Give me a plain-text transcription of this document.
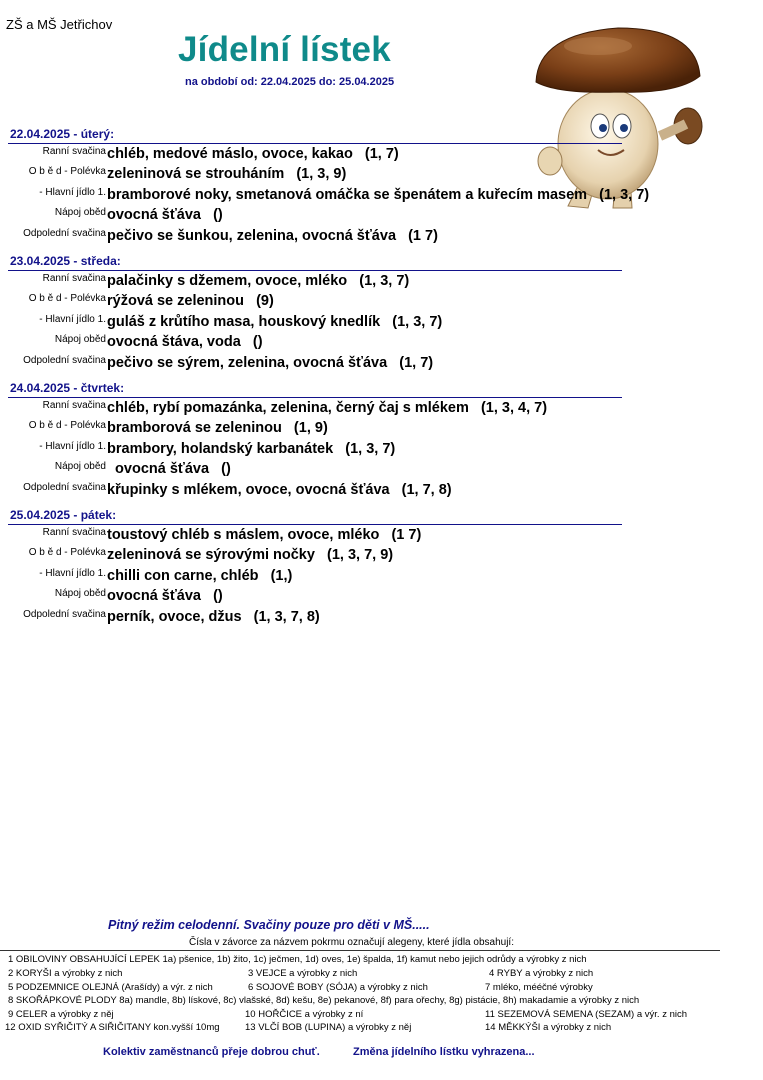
ZŠ a MŠ Jetřichov
Jídelní lístek
na období od: 22.04.2025 do: 25.04.2025
22.04.2025 - úterý:
Ranní svačina chléb, medové máslo, ovoce, kakao   (1, 7)
O b ě d - Polévka zeleninová se strouháním   (1, 3, 9)
- Hlavní jídlo 1. bramborové noky, smetanová omáčka se špenátem a kuřecím masem   (1, 3, 7)
Nápoj oběd ovocná šťáva   ()
Odpolední svačina pečivo se šunkou, zelenina, ovocná šťáva   (1 7)
23.04.2025 - středa:
Ranní svačina palačinky s džemem, ovoce, mléko   (1, 3, 7)
O b ě d - Polévka rýžová se zeleninou   (9)
- Hlavní jídlo 1. guláš z krůtího masa, houskový knedlík   (1, 3, 7)
Nápoj oběd ovocná štáva, voda   ()
Odpolední svačina pečivo se sýrem, zelenina, ovocná šťáva   (1, 7)
24.04.2025 - čtvrtek:
Ranní svačina chléb, rybí pomazánka, zelenina, černý čaj s mlékem   (1, 3, 4, 7)
O b ě d - Polévka bramborová se zeleninou   (1, 9)
- Hlavní jídlo 1. brambory, holandský karbanátek   (1, 3, 7)
Nápoj oběd ovocná šťáva   ()
Odpolední svačina křupinky s mlékem, ovoce, ovocná šťáva   (1, 7, 8)
25.04.2025 - pátek:
Ranní svačina toustový chléb s máslem, ovoce, mléko   (1 7)
O b ě d - Polévka zeleninová se sýrovými nočky   (1, 3, 7, 9)
- Hlavní jídlo 1. chilli con carne, chléb   (1,)
Nápoj oběd ovocná šťáva   ()
Odpolední svačina perník, ovoce, džus   (1, 3, 7, 8)
Pitný režim celodenní. Svačiny pouze pro děti v MŠ.....
Čísla v závorce za názvem pokrmu označují alegeny, které jídla obsahují:
1 OBILOVINY OBSAHUJÍCÍ LEPEK 1a) pšenice, 1b) žito, 1c) ječmen, 1d) oves, 1e) špalda, 1f) kamut nebo jejich odrůdy a výrobky z nich
2 KORYŠI a výrobky z nich	3 VEJCE a výrobky z nich	4 RYBY a výrobky z nich
5 PODZEMNICE OLEJNÁ (Arašídy) a výr. z nich	6 SOJOVÉ BOBY (SÓJA) a výrobky z nich	7 mléko, mééčné výrobky
8 SKOŘÁPKOVÉ PLODY 8a) mandle, 8b) lískové, 8c) vlašské, 8d) kešu, 8e) pekanové, 8f) para ořechy, 8g) pistácie, 8h) makadamie a výrobky z nich
9 CELER a výrobky z něj	10 HOŘČICE a výrobky z ní	11 SEZEMOVÁ SEMENA (SEZAM) a výr. z nich
12 OXID SYŘIČITÝ A SIŘIČITANY kon.vyšší 10mg	13 VLČÍ BOB (LUPINA) a výrobky z něj	14 MĚKKÝŠI a výrobky z nich
Kolektiv zaměstnanců přeje dobrou chuť.	Změna jídelního lístku vyhrazena...
